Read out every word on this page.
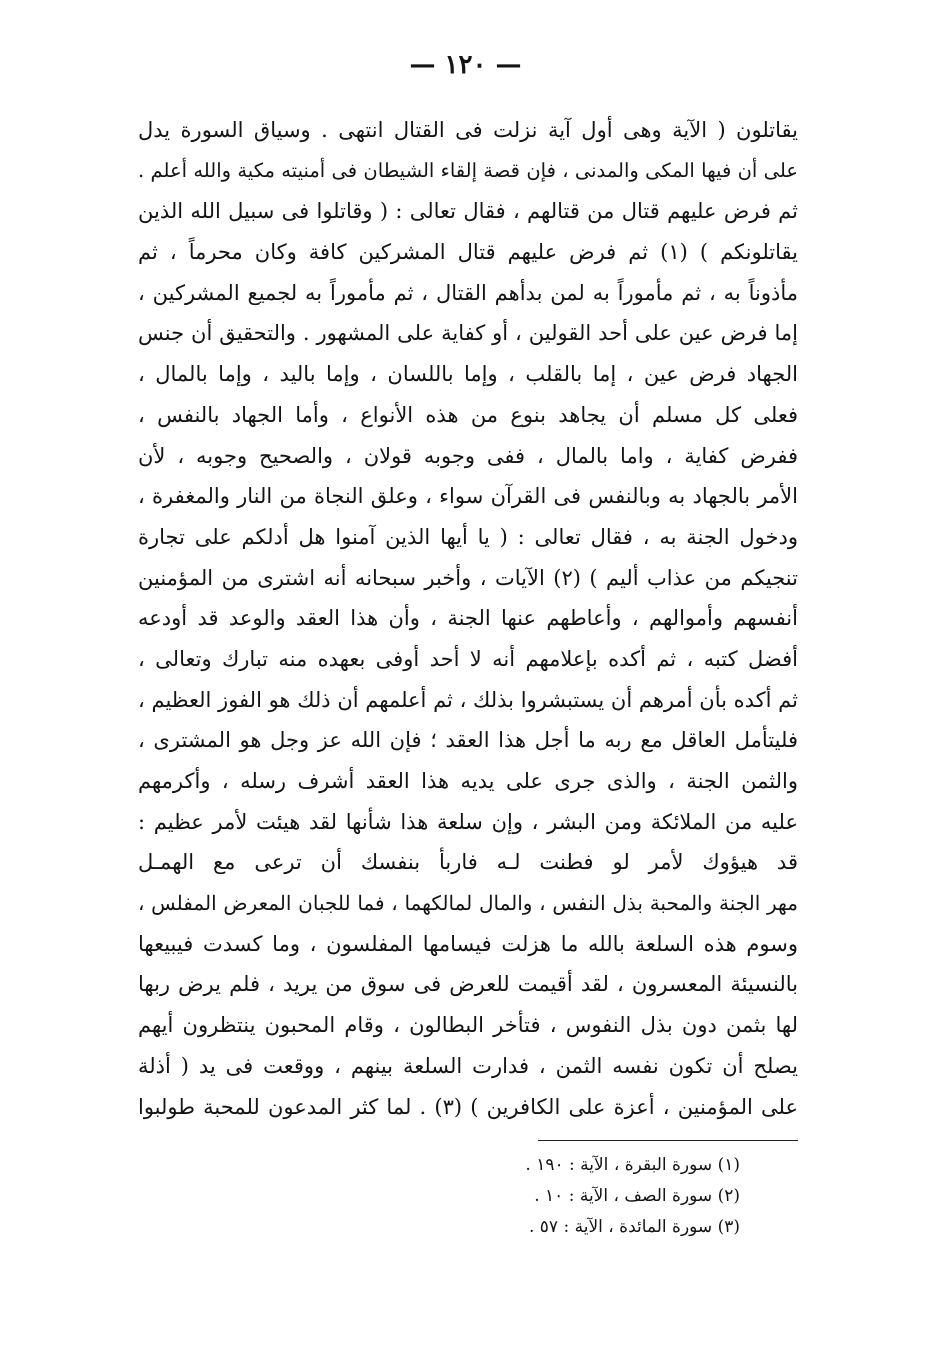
— ١٢٠ —
يقاتلون ( الآية وهى أول آية نزلت فى القتال انتهى . وسياق السورة يدل
على أن فيها المكى والمدنى ، فإن قصة إلقاء الشيطان فى أمنيته مكية والله أعلم .
ثم فرض عليهم قتال من قتالهم ، فقال تعالى : ( وقاتلوا فى سبيل الله الذين
يقاتلونكم ) (١) ثم فرض عليهم قتال المشركين كافة وكان محرماً ، ثم
مأذوناً به ، ثم مأموراً به لمن بدأهم القتال ، ثم مأموراً به لجميع المشركين ،
إما فرض عين على أحد القولين ، أو كفاية على المشهور . والتحقيق أن جنس
الجهاد فرض عين ، إما بالقلب ، وإما باللسان ، وإما باليد ، وإما بالمال ،
فعلى كل مسلم أن يجاهد بنوع من هذه الأنواع ، وأما الجهاد بالنفس ،
ففرض كفاية ، واما بالمال ، ففى وجوبه قولان ، والصحيح وجوبه ، لأن
الأمر بالجهاد به وبالنفس فى القرآن سواء ، وعلق النجاة من النار والمغفرة ،
ودخول الجنة به ، فقال تعالى : ( يا أيها الذين آمنوا هل أدلكم على تجارة
تنجيكم من عذاب أليم ) (٢) الآيات ، وأخبر سبحانه أنه اشترى من المؤمنين
أنفسهم وأموالهم ، وأعاطهم عنها الجنة ، وأن هذا العقد والوعد قد أودعه
أفضل كتبه ، ثم أكده بإعلامهم أنه لا أحد أوفى بعهده منه تبارك وتعالى ،
ثم أكده بأن أمرهم أن يستبشروا بذلك ، ثم أعلمهم أن ذلك هو الفوز العظيم ،
فليتأمل العاقل مع ربه ما أجل هذا العقد ؛ فإن الله عز وجل هو المشترى ،
والثمن الجنة ، والذى جرى على يديه هذا العقد أشرف رسله ، وأكرمهم
عليه من الملائكة ومن البشر ، وإن سلعة هذا شأنها لقد هيئت لأمر عظيم :
قد هيؤوك لأمر لو فطنت لـه فاربأ بنفسك أن ترعى مع الهمـل
مهر الجنة والمحبة بذل النفس ، والمال لمالكهما ، فما للجبان المعرض المفلس ،
وسوم هذه السلعة بالله ما هزلت فيسامها المفلسون ، وما كسدت فيبيعها
بالنسيئة المعسرون ، لقد أقيمت للعرض فى سوق من يريد ، فلم يرض ربها
لها بثمن دون بذل النفوس ، فتأخر البطالون ، وقام المحبون ينتظرون أيهم
يصلح أن تكون نفسه الثمن ، فدارت السلعة بينهم ، ووقعت فى يد ( أذلة
على المؤمنين ، أعزة على الكافرين ) (٣) . لما كثر المدعون للمحبة طولبوا
(١) سورة البقرة ، الآية : ١٩٠ .
(٢) سورة الصف ، الآية : ١٠ .
(٣) سورة المائدة ، الآية : ٥٧ .
